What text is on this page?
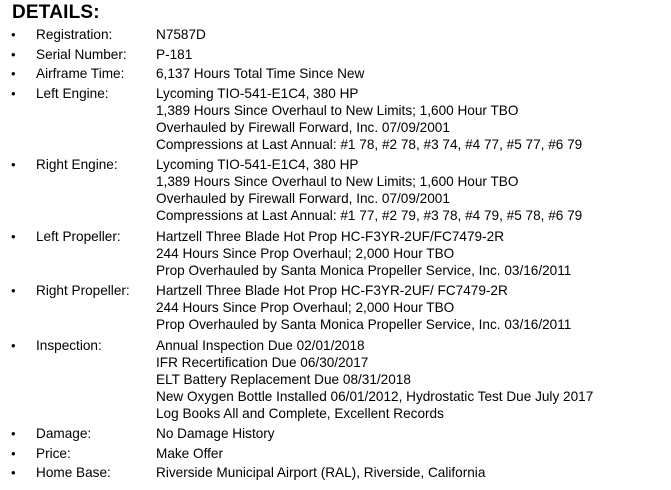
DETAILS:
•	Registration:	N7587D
•	Serial Number: P-181
•	Airframe Time: 6,137 Hours Total Time Since New
•	Left Engine:	Lycoming TIO-541-E1C4, 380 HP
1,389 Hours Since Overhaul to New Limits; 1,600 Hour TBO
Overhauled by Firewall Forward, Inc. 07/09/2001
Compressions at Last Annual: #1 78, #2 78, #3 74, #4 77, #5 77, #6 79
•	Right Engine:	Lycoming TIO-541-E1C4, 380 HP
1,389 Hours Since Overhaul to New Limits; 1,600 Hour TBO
Overhauled by Firewall Forward, Inc. 07/09/2001
Compressions at Last Annual: #1 77, #2 79, #3 78, #4 79, #5 78, #6 79
•	Left Propeller:	Hartzell Three Blade Hot Prop HC-F3YR-2UF/FC7479-2R
244 Hours Since Prop Overhaul; 2,000 Hour TBO
Prop Overhauled by Santa Monica Propeller Service, Inc. 03/16/2011
•	Right Propeller: Hartzell Three Blade Hot Prop HC-F3YR-2UF/ FC7479-2R
244 Hours Since Prop Overhaul; 2,000 Hour TBO
Prop Overhauled by Santa Monica Propeller Service, Inc. 03/16/2011
•	Inspection:	Annual Inspection Due 02/01/2018
IFR Recertification Due 06/30/2017
ELT Battery Replacement Due 08/31/2018
New Oxygen Bottle Installed 06/01/2012, Hydrostatic Test Due July 2017
Log Books All and Complete, Excellent Records
•	Damage:	No Damage History
•	Price:	Make Offer
•	Home Base:	Riverside Municipal Airport (RAL), Riverside, California
